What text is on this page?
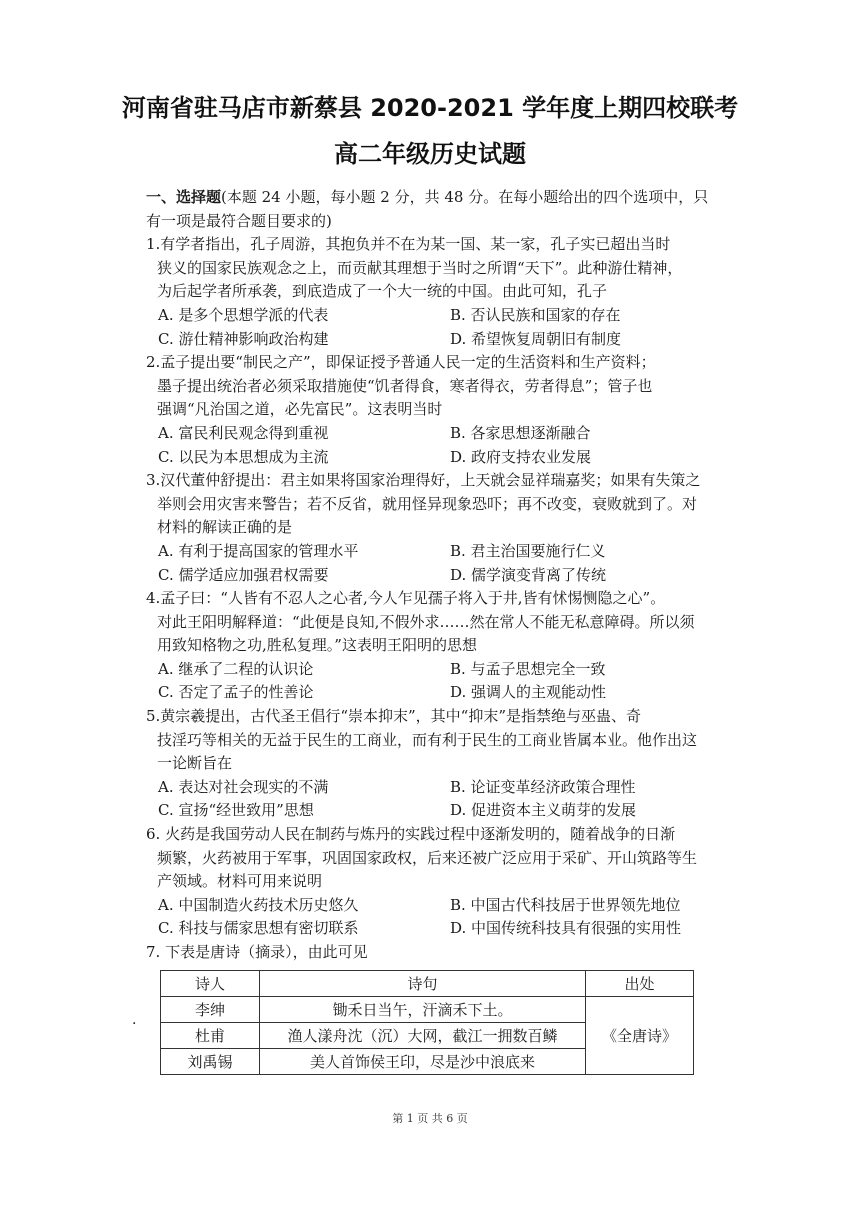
河南省驻马店市新蔡县 2020-2021 学年度上期四校联考
高二年级历史试题
一、选择题(本题 24 小题，每小题 2 分，共 48 分。在每小题给出的四个选项中，只
有一项是最符合题目要求的)
1.有学者指出，孔子周游，其抱负并不在为某一国、某一家，孔子实已超出当时
狭义的国家民族观念之上，而贡献其理想于当时之所谓“天下”。此种游仕精神，
为后起学者所承袭，到底造成了一个大一统的中国。由此可知，孔子
A. 是多个思想学派的代表	B. 否认民族和国家的存在
C. 游仕精神影响政治构建	D. 希望恢复周朝旧有制度
2.孟子提出要“制民之产”，即保证授予普通人民一定的生活资料和生产资料；
墨子提出统治者必须采取措施使“饥者得食，寒者得衣，劳者得息”；管子也
强调“凡治国之道，必先富民”。这表明当时
A. 富民利民观念得到重视	B. 各家思想逐渐融合
C. 以民为本思想成为主流	D. 政府支持农业发展
3.汉代董仲舒提出：君主如果将国家治理得好，上天就会显祥瑞嘉奖；如果有失策之
举则会用灾害来警告；若不反省，就用怪异现象恐吓；再不改变，衰败就到了。对
材料的解读正确的是
A. 有利于提高国家的管理水平	B. 君主治国要施行仁义
C. 儒学适应加强君权需要	D. 儒学演变背离了传统
4.孟子曰：“人皆有不忍人之心者,今人乍见孺子将入于井,皆有怵惕恻隐之心”。
对此王阳明解释道：“此便是良知,不假外求……然在常人不能无私意障碍。所以须
用致知格物之功,胜私复理。”这表明王阳明的思想
A. 继承了二程的认识论	B. 与孟子思想完全一致
C. 否定了孟子的性善论	D. 强调人的主观能动性
5.黄宗羲提出，古代圣王倡行“崇本抑末”，其中“抑末”是指禁绝与巫蛊、奇
技淫巧等相关的无益于民生的工商业，而有利于民生的工商业皆属本业。他作出这
一论断旨在
A. 表达对社会现实的不满	B. 论证变革经济政策合理性
C. 宣扬“经世致用”思想	D. 促进资本主义萌芽的发展
6. 火药是我国劳动人民在制药与炼丹的实践过程中逐渐发明的，随着战争的日渐
频繁，火药被用于军事，巩固国家政权，后来还被广泛应用于采矿、开山筑路等生
产领域。材料可用来说明
A. 中国制造火药技术历史悠久	B. 中国古代科技居于世界领先地位
C. 科技与儒家思想有密切联系	D. 中国传统科技具有很强的实用性
7. 下表是唐诗（摘录），由此可见
诗人	诗句	出处
李绅	锄禾日当午，汗滴禾下土。	《全唐诗》
杜甫	渔人漾舟沈（沉）大网，截江一拥数百鳞	
刘禹锡	美人首饰侯王印，尽是沙中浪底来	
.
第 1 页 共 6 页
